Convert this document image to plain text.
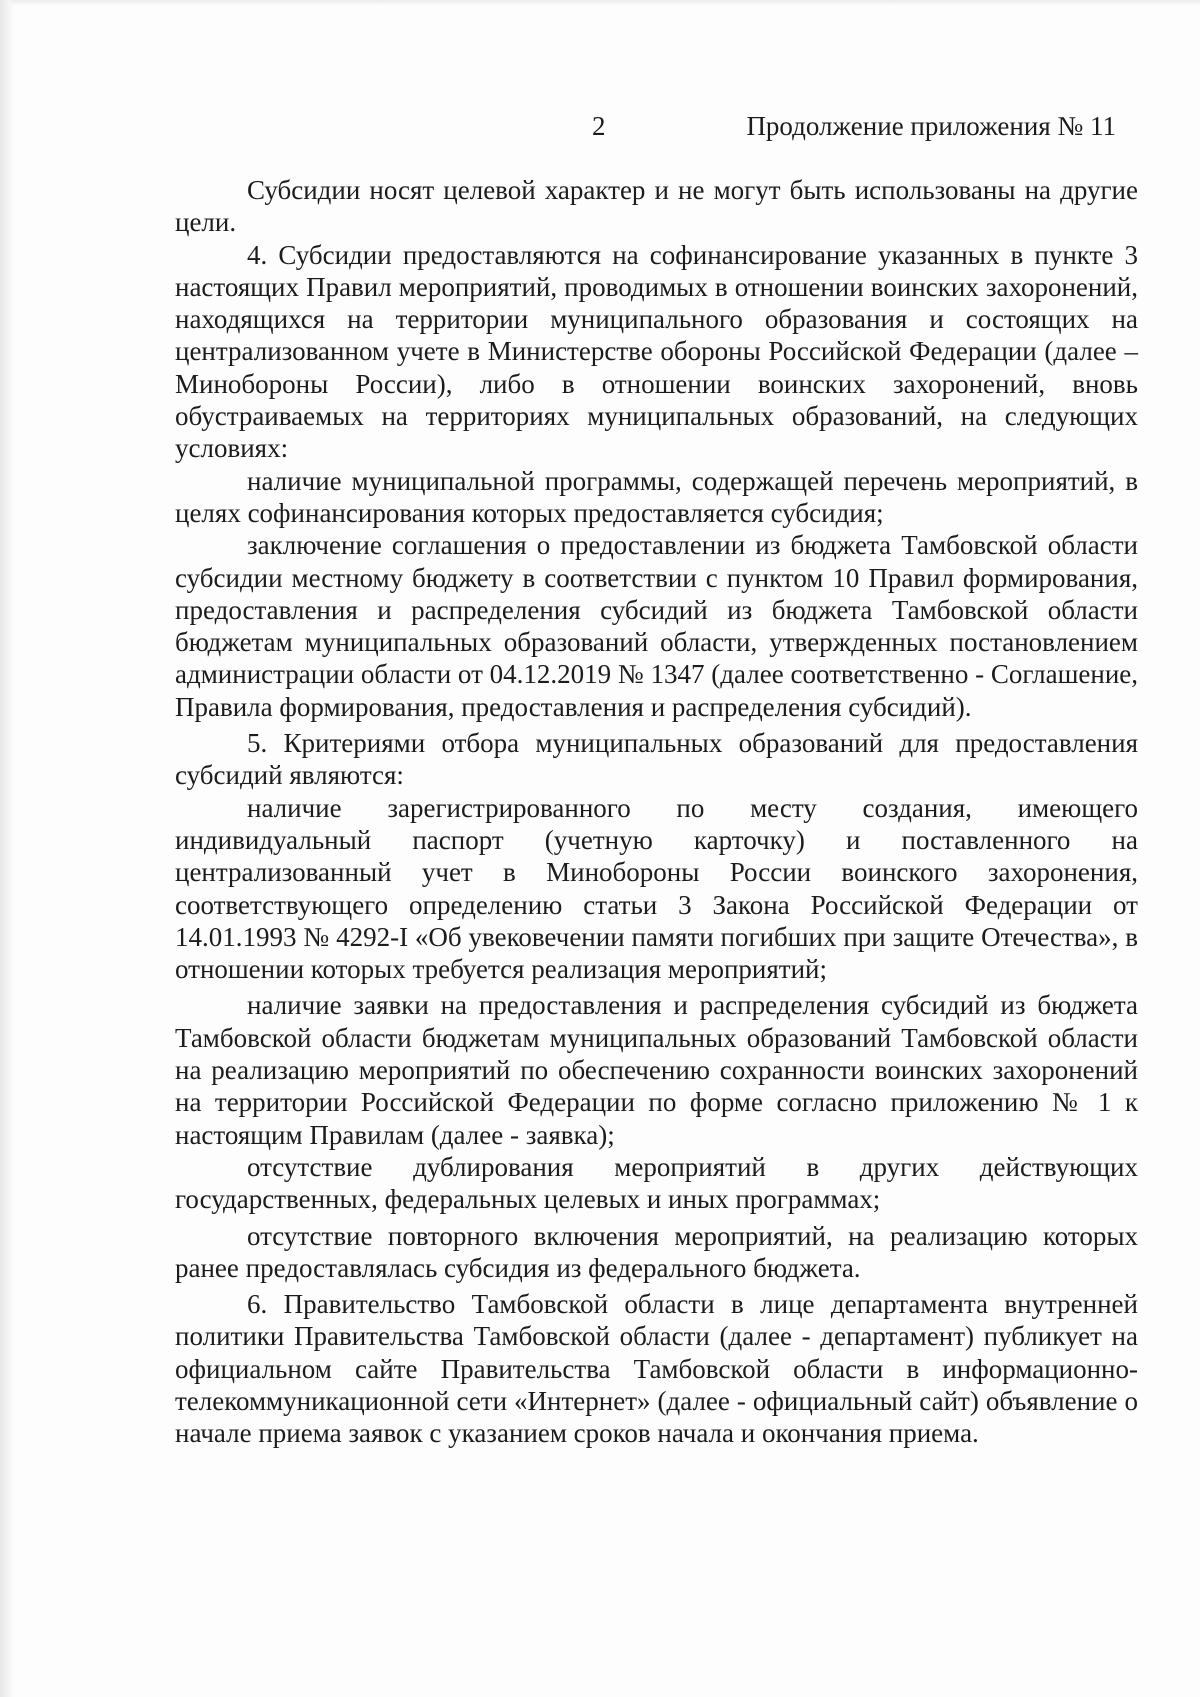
2	Продолжение приложения № 11

Субсидии носят целевой характер и не могут быть использованы на другие цели.

4. Субсидии предоставляются на софинансирование указанных в пункте 3 настоящих Правил мероприятий, проводимых в отношении воинских захоронений, находящихся на территории муниципального образования и состоящих на централизованном учете в Министерстве обороны Российской Федерации (далее – Минобороны России), либо в отношении воинских захоронений, вновь обустраиваемых на территориях муниципальных образований, на следующих условиях:

наличие муниципальной программы, содержащей перечень мероприятий, в целях софинансирования которых предоставляется субсидия;

заключение соглашения о предоставлении из бюджета Тамбовской области субсидии местному бюджету в соответствии с пунктом 10 Правил формирования, предоставления и распределения субсидий из бюджета Тамбовской области бюджетам муниципальных образований области, утвержденных постановлением администрации области от 04.12.2019 № 1347 (далее соответственно - Соглашение, Правила формирования, предоставления и распределения субсидий).

5. Критериями отбора муниципальных образований для предоставления субсидий являются:

наличие зарегистрированного по месту создания, имеющего индивидуальный паспорт (учетную карточку) и поставленного на централизованный учет в Минобороны России воинского захоронения, соответствующего определению статьи 3 Закона Российской Федерации от 14.01.1993 № 4292-I «Об увековечении памяти погибших при защите Отечества», в отношении которых требуется реализация мероприятий;

наличие заявки на предоставления и распределения субсидий из бюджета Тамбовской области бюджетам муниципальных образований Тамбовской области на реализацию мероприятий по обеспечению сохранности воинских захоронений на территории Российской Федерации по форме согласно приложению № 1 к настоящим Правилам (далее - заявка);

отсутствие дублирования мероприятий в других действующих государственных, федеральных целевых и иных программах;

отсутствие повторного включения мероприятий, на реализацию которых ранее предоставлялась субсидия из федерального бюджета.

6. Правительство Тамбовской области в лице департамента внутренней политики Правительства Тамбовской области (далее - департамент) публикует на официальном сайте Правительства Тамбовской области в информационно-телекоммуникационной сети «Интернет» (далее - официальный сайт) объявление о начале приема заявок с указанием сроков начала и окончания приема.
